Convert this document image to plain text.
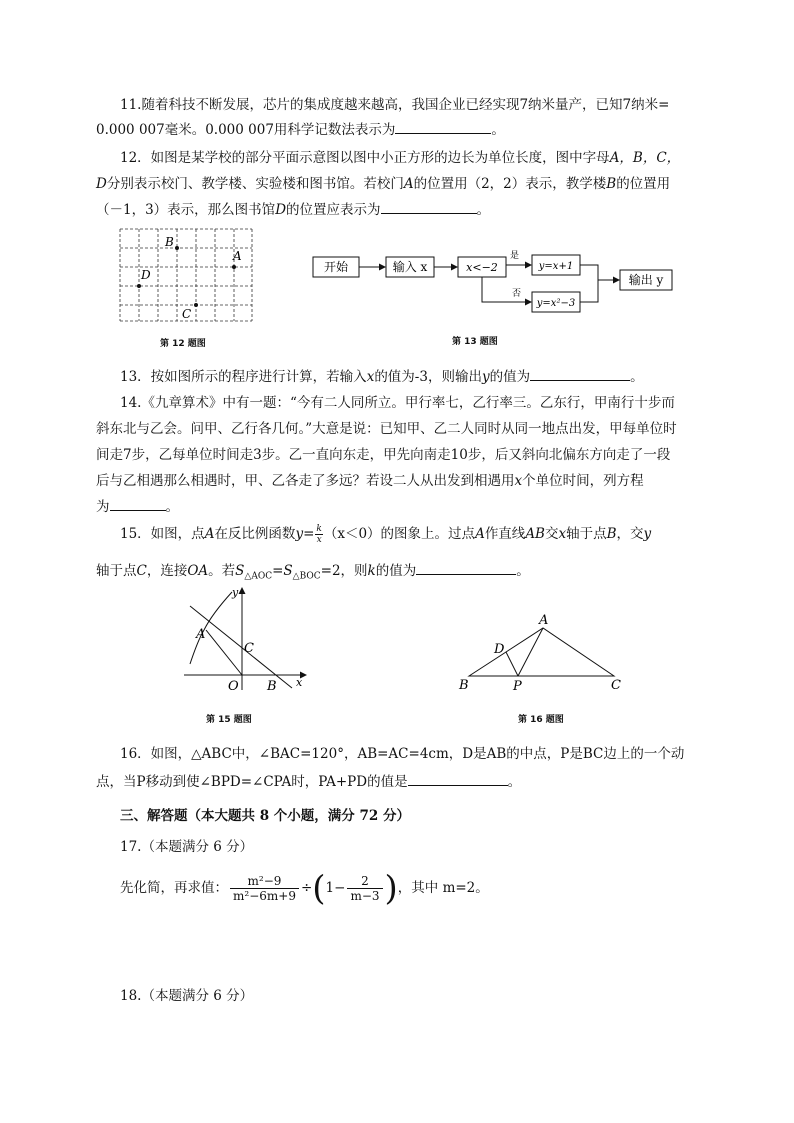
11.随着科技不断发展，芯片的集成度越来越高，我国企业已经实现7纳米量产，已知7纳米=
0.000 007毫米。0.000 007用科学记数法表示为	。
12．如图是某学校的部分平面示意图以图中小正方形的边长为单位长度，图中字母A，B，C，
D分别表示校门、教学楼、实验楼和图书馆。若校门A的位置用（2，2）表示，教学楼B的位置用
（－1，3）表示，那么图书馆D的位置应表示为	。
B
A
D
C
第 12 题图
开始	输入 x	x<−2
是
否
y=x+1
y=x²−3
输出 y
第 13 题图
13．按如图所示的程序进行计算，若输入x的值为-3，则输出y的值为	。
14.《九章算术》中有一题：“今有二人同所立。甲行率七，乙行率三。乙东行，甲南行十步而
斜东北与乙会。问甲、乙行各几何。”大意是说：已知甲、乙二人同时从同一地点出发，甲每单位时
间走7步，乙每单位时间走3步。乙一直向东走，甲先向南走10步，后又斜向北偏东方向走了一段
后与乙相遇那么相遇时，甲、乙各走了多远？若设二人从出发到相遇用x个单位时间，列方程
为	。
15．如图，点A在反比例函数$y= \frac{k}{x} (x<0)$的图象上。过点A作直线AB交x轴于点B，交y
轴于点C，连接OA。若$S_{\triangle AOC}=S_{\triangle BOC}=2$，则k的值为	。
y
A
C
O B x
第 15 题图
A
D
B	P	C
第 16 题图
16．如图，△ABC中，∠BAC=120°，AB=AC=4cm，D是AB的中点，P是BC边上的一个动
点，当P移动到使∠BPD=∠CPA时，PA+PD的值是	。
三、解答题（本大题共 8 个小题，满分 72 分）
17.（本题满分 6 分）
先化简，再求值： $\frac{\text{m²−9}}{\text{m²−6m+9}} \div(1- \frac{2}{m-3}$ )，其中 m=2。
18.（本题满分 6 分）
